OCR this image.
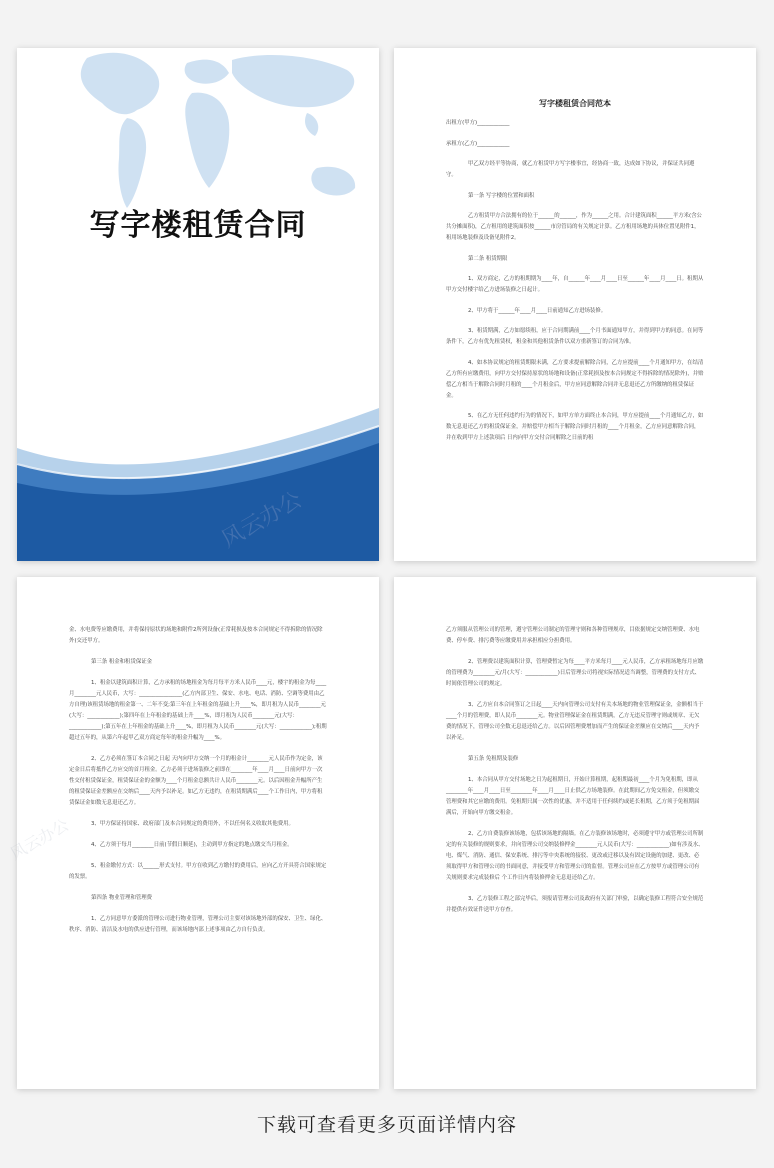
写字楼租赁合同
风云办公
写字楼租赁合同范本

出租方(甲方)____________

承租方(乙方)____________

甲乙双方经平等协商，就乙方租赁甲方写字楼事宜，经协商一致，达成如下协议，并保证共同遵守。

第一条 写字楼的位置和面积

乙方租赁甲方合法拥有的位于______的______，作为______之用。合计建筑面积______平方米(含公共分摊面积)，乙方租用的建筑面积按______市房管局的有关规定计算。乙方租用场地的具体位置见附件1，租用场地装修及设备见附件2。

第二条 租赁期限

1、双方商定，乙方的租期期为____年，自______年____月____日至______年____月____日。租期从甲方交付楼宇给乙方进场装修之日起计。

2、甲方将于______年____月____日前通知乙方进场装修。

3、租赁期满，乙方如愿续租，应于合同期满前____个月书面通知甲方，并得到甲方的同意。在同等条件下，乙方有优先租赁权，租金和其他租赁条件以双方重新签订的合同为准。

4、如本协议规定的租赁期限未满，乙方要求提前解除合同，乙方应提前____个月通知甲方，在结清乙方所有应缴费用，向甲方交付保持原状的场地和设备(正常耗损及按本合同规定不得拆除的情况除外)，并赔偿乙方相当于解除合同时月租的____个月租金后，甲方应同意解除合同并无息退还乙方所缴纳的租赁保证金。

5、在乙方无任何违约行为的情况下，如甲方单方面终止本合同，甲方应提前____个月通知乙方，如数无息退还乙方的租赁保证金，并赔偿甲方相当于解除合同时月租的____个月租金，乙方应同意解除合同，并在收到甲方上述款项后 日内向甲方交付合同解除之日前的租

风云办公

金、水电费等应缴费用，并将保持原状的场地和附件2所列设备(正常耗损及按本合同规定不得拆除的情况除外)交还甲方。

第三条 租金和租赁保证金

1、租金以建筑面积计算，乙方承租的场地租金为每月每平方米人民币____元，楼宇的租金为每____月________元人民币，大写：________________(乙方内部卫生、保安、水电、电话、消防、空调等费用由乙方自理)该租赁场地的租金第一、二年不变;第三年在上年租金的基础上升____%，即月租为人民币________元(大写：____________);第四年在上年租金的基础上升____%，即月租为人民币________元(大写：____________);第五年在上年租金的基础上升____%，即月租为人民币________元(大写：____________);租期超过五年的，从第六年起甲乙双方商定每年的租金升幅为____%。

2、乙方必须在签订本合同之日起 天内向甲方交纳一个月的租金计________元人民币作为定金，该定金日后将抵作乙方应交的首月租金。乙方必须于进场装修之前即在________年____月____日前向甲方一次性交付租赁保证金，租赁保证金的金额为____个月租金总额共计人民币________元。以后因租金升幅所产生的租赁保证金差额应在交纳后____天内予以补足。如乙方无违约，在租赁期满后____个工作日内，甲方将租赁保证金如数无息退还乙方。

3、甲方保证持国家、政府部门及本合同规定的费用外，不以任何名义收取其他费用。

4、乙方须于每月________日前(节假日顺延)，主动到甲方指定的地点缴交当月租金。

5、租金缴付方式：以______形式支付。甲方在收到乙方缴付的费用后，应向乙方开具符合国家规定的发票。

第四条 物业管理和管理费

1、乙方同意甲方委派的管理公司进行物业管理，管理公司主要对该场地外部的保安、卫生、绿化、秩序、消防、清洁及水电的供应进行管理，而该场地内部上述事项由乙方自行负责。

乙方须服从管理公司的管理，遵守管理公司制定的管理守则和各种管理规章，目依据规定交纳管理费、水电费、停车费、排污费等应缴费用并承担相应分担费用。

2、管理费以建筑面积计算，管理费暂定为每____平方米每月____元人民币，乙方承租场地每月应缴的管理费为________元/月(大写：____________)日后管理公司将视实际情况适当调整，管理费的支付方式、时间依管理公司的规定。

3、乙方应自本合同签订之日起____天内向管理公司支付有关本场地的物业管理保证金，金额相当于____个月的管理费，即人民币________元。物业管理保证金在租赁期满，乙方无违反管理守则或规章、无欠费的情况下，管理公司全数无息退还给乙方。以后因管理费增加而产生的保证金差额应在交纳后____天内予以补足。

第五条 免租期及装修

1、本合同从甲方交付场地之日为起租期日，开始计算租期，起租期最初____个月为免租期，即从________年____月____日至________年____月____日止供乙方场地装修。在此期间乙方免交租金，但须缴交管理费和其它应缴的费用。免租期只属一次性的优惠，并不适用于任何续约或延长租期，乙方须于免租期届满后，开始向甲方缴交租金。

2、乙方自费装修该场地，包括该场地的隔墙。在乙方装修该场地时，必须遵守甲方或管理公司所制定的有关装修的规则要求，并向管理公司交纳装修押金________元人民币(大写：____________)如有涉及水、电、煤气、消防、通信、保安系统、排污等中央系统的接驳、更改或迁移以及有固定设施的加建、更改、必须取得甲方和管理公司的书面同意，并接受甲方和管理公司的监督。管理公司应在乙方按甲方或管理公司有关规则要求完成装修后 个工作日内将装修押金无息退还给乙方。

3、乙方装修工程之部完毕后，须报请管理公司及政府有关部门审验，以确定装修工程符合安全规范并提供有效证件送甲方存查。

下载可查看更多页面详情内容
